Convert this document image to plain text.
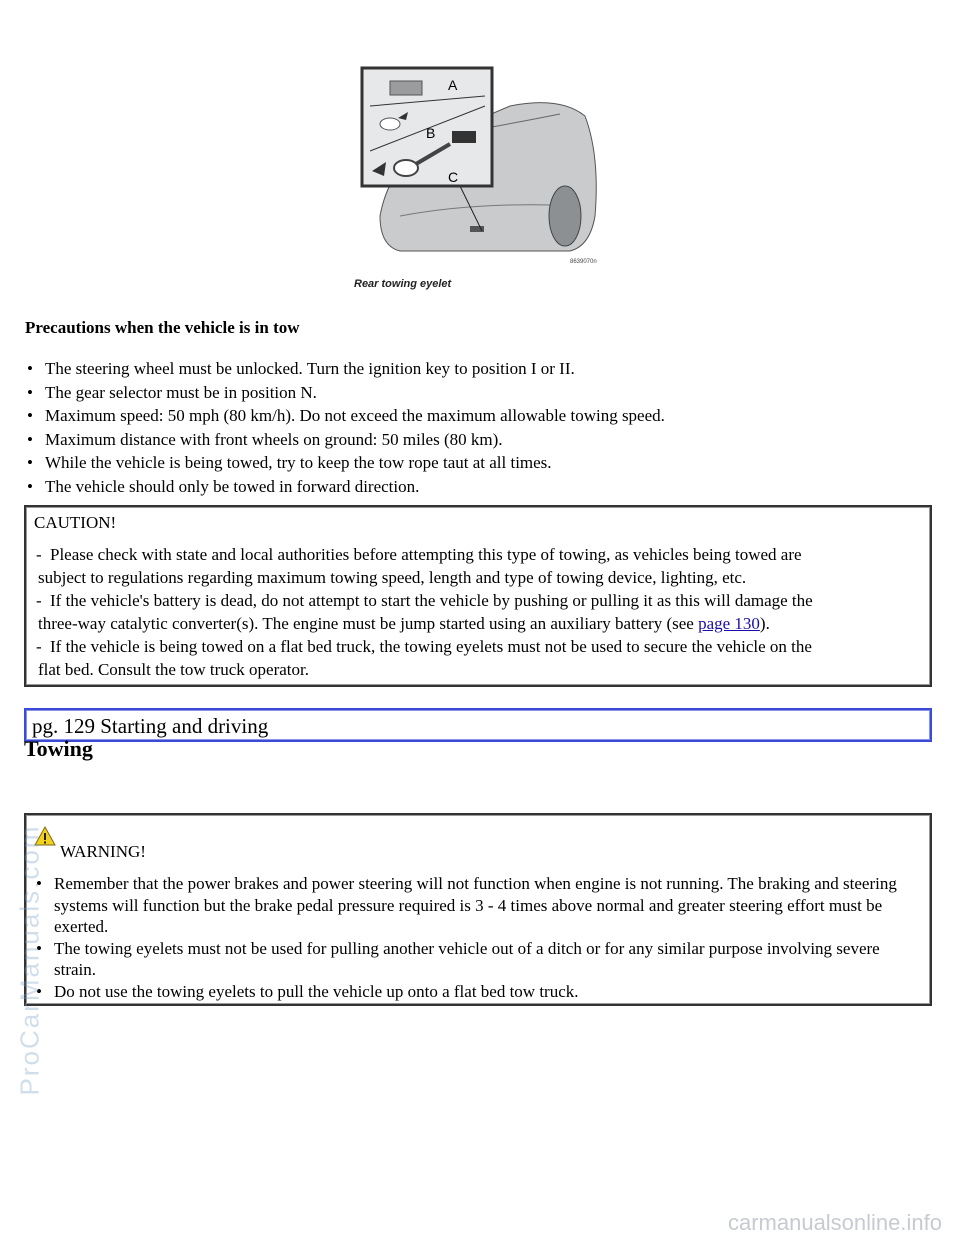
A
B
C
8639070n
Rear towing eyelet
Precautions when the vehicle is in tow
• The steering wheel must be unlocked. Turn the ignition key to position I or II.
• The gear selector must be in position N.
• Maximum speed: 50 mph (80 km/h). Do not exceed the maximum allowable towing speed.
• Maximum distance with front wheels on ground: 50 miles (80 km).
• While the vehicle is being towed, try to keep the tow rope taut at all times.
• The vehicle should only be towed in forward direction.
CAUTION!
- Please check with state and local authorities before attempting this type of towing, as vehicles being towed are
subject to regulations regarding maximum towing speed, length and type of towing device, lighting, etc.
- If the vehicle's battery is dead, do not attempt to start the vehicle by pushing or pulling it as this will damage the
three-way catalytic converter(s). The engine must be jump started using an auxiliary battery (see page 130).
- If the vehicle is being towed on a flat bed truck, the towing eyelets must not be used to secure the vehicle on the
flat bed. Consult the tow truck operator.
pg. 129 Starting and driving
Towing
WARNING!
• Remember that the power brakes and power steering will not function when engine is not running. The braking and steering systems will function but the brake pedal pressure required is 3 - 4 times above normal and greater steering effort must be exerted.
• The towing eyelets must not be used for pulling another vehicle out of a ditch or for any similar purpose involving severe strain.
• Do not use the towing eyelets to pull the vehicle up onto a flat bed tow truck.
ProCarManuals.com
carmanualsonline.info
